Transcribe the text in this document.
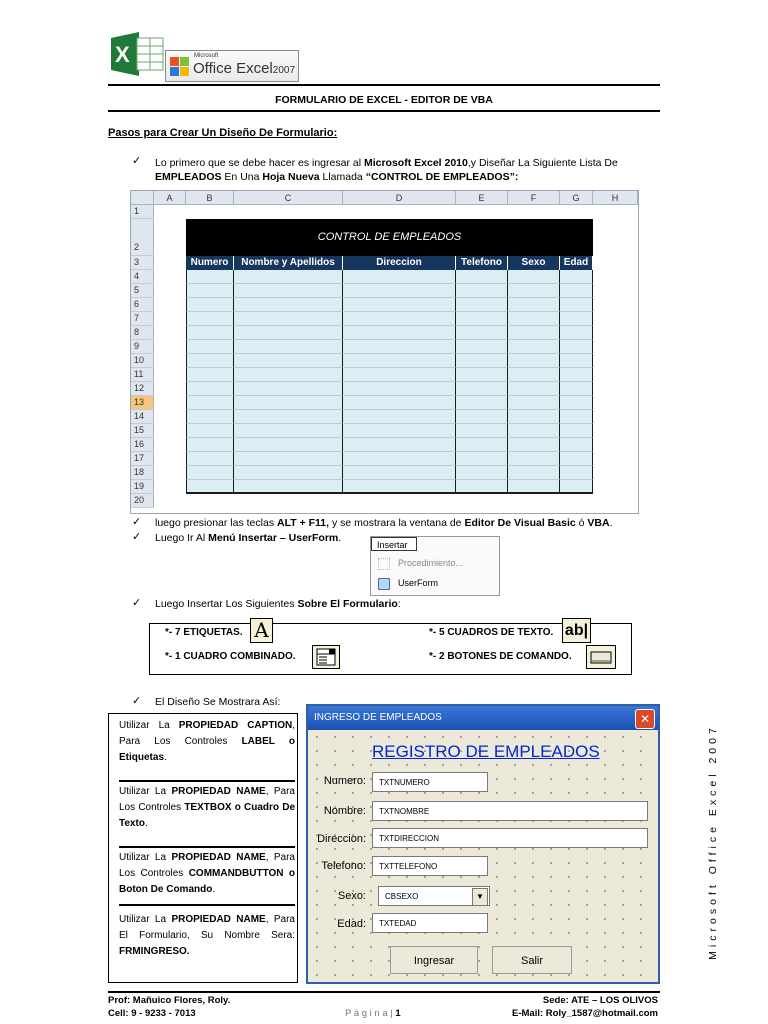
X	Microsoft
Office Excel2007
FORMULARIO DE EXCEL - EDITOR DE VBA
Pasos para Crear Un Diseño De Formulario:
✓ Lo primero que se debe hacer es ingresar al Microsoft Excel 2010,y Diseñar La Siguiente Lista De
EMPLEADOS En Una Hoja Nueva Llamada “CONTROL DE EMPLEADOS”:
A	B	C	D	E	F	G	H
1
2
3
4
5
6
7
8
9
10
11
12
13
14
15
16
17
18
19
20
CONTROL DE EMPLEADOS
Numero	Nombre y Apellidos	Direccion	Telefono	Sexo	Edad
✓ luego presionar las teclas ALT + F11, y se mostrara la ventana de Editor De Visual Basic ó VBA.
✓ Luego Ir Al Menú Insertar – UserForm.
Insertar
Procedimiento...
UserForm
✓ Luego Insertar Los Siguientes Sobre El Formulario:
*- 7 ETIQUETAS. A	*- 5 CUADROS DE TEXTO. ab|
*- 1 CUADRO COMBINADO.	*- 2 BOTONES DE COMANDO.
✓ El Diseño Se Mostrara Así:
Utilizar La PROPIEDAD CAPTION, Para Los Controles LABEL o Etiquetas.
Utilizar La PROPIEDAD NAME, Para Los Controles TEXTBOX o Cuadro De Texto.
Utilizar La PROPIEDAD NAME, Para Los Controles COMMANDBUTTON o Boton De Comando.
Utilizar La PROPIEDAD NAME, Para El Formulario, Su Nombre Sera: FRMINGRESO.
INGRESO DE EMPLEADOS	✕
REGISTRO DE EMPLEADOS
Numero:	TXTNUMERO
Nombre:	TXTNOMBRE
Direccion:	TXTDIRECCION
Telefono:	TXTTELEFONO
Sexo:	CBSEXO	▼
Edad:	TXTEDAD
Ingresar	Salir
Microsoft Office Excel 2007
Prof: Mañuico Flores, Roly.
Cell: 9 - 9233 - 7013	P á g i n a | 1
Sede: ATE – LOS OLIVOS
E-Mail: Roly_1587@hotmail.com
